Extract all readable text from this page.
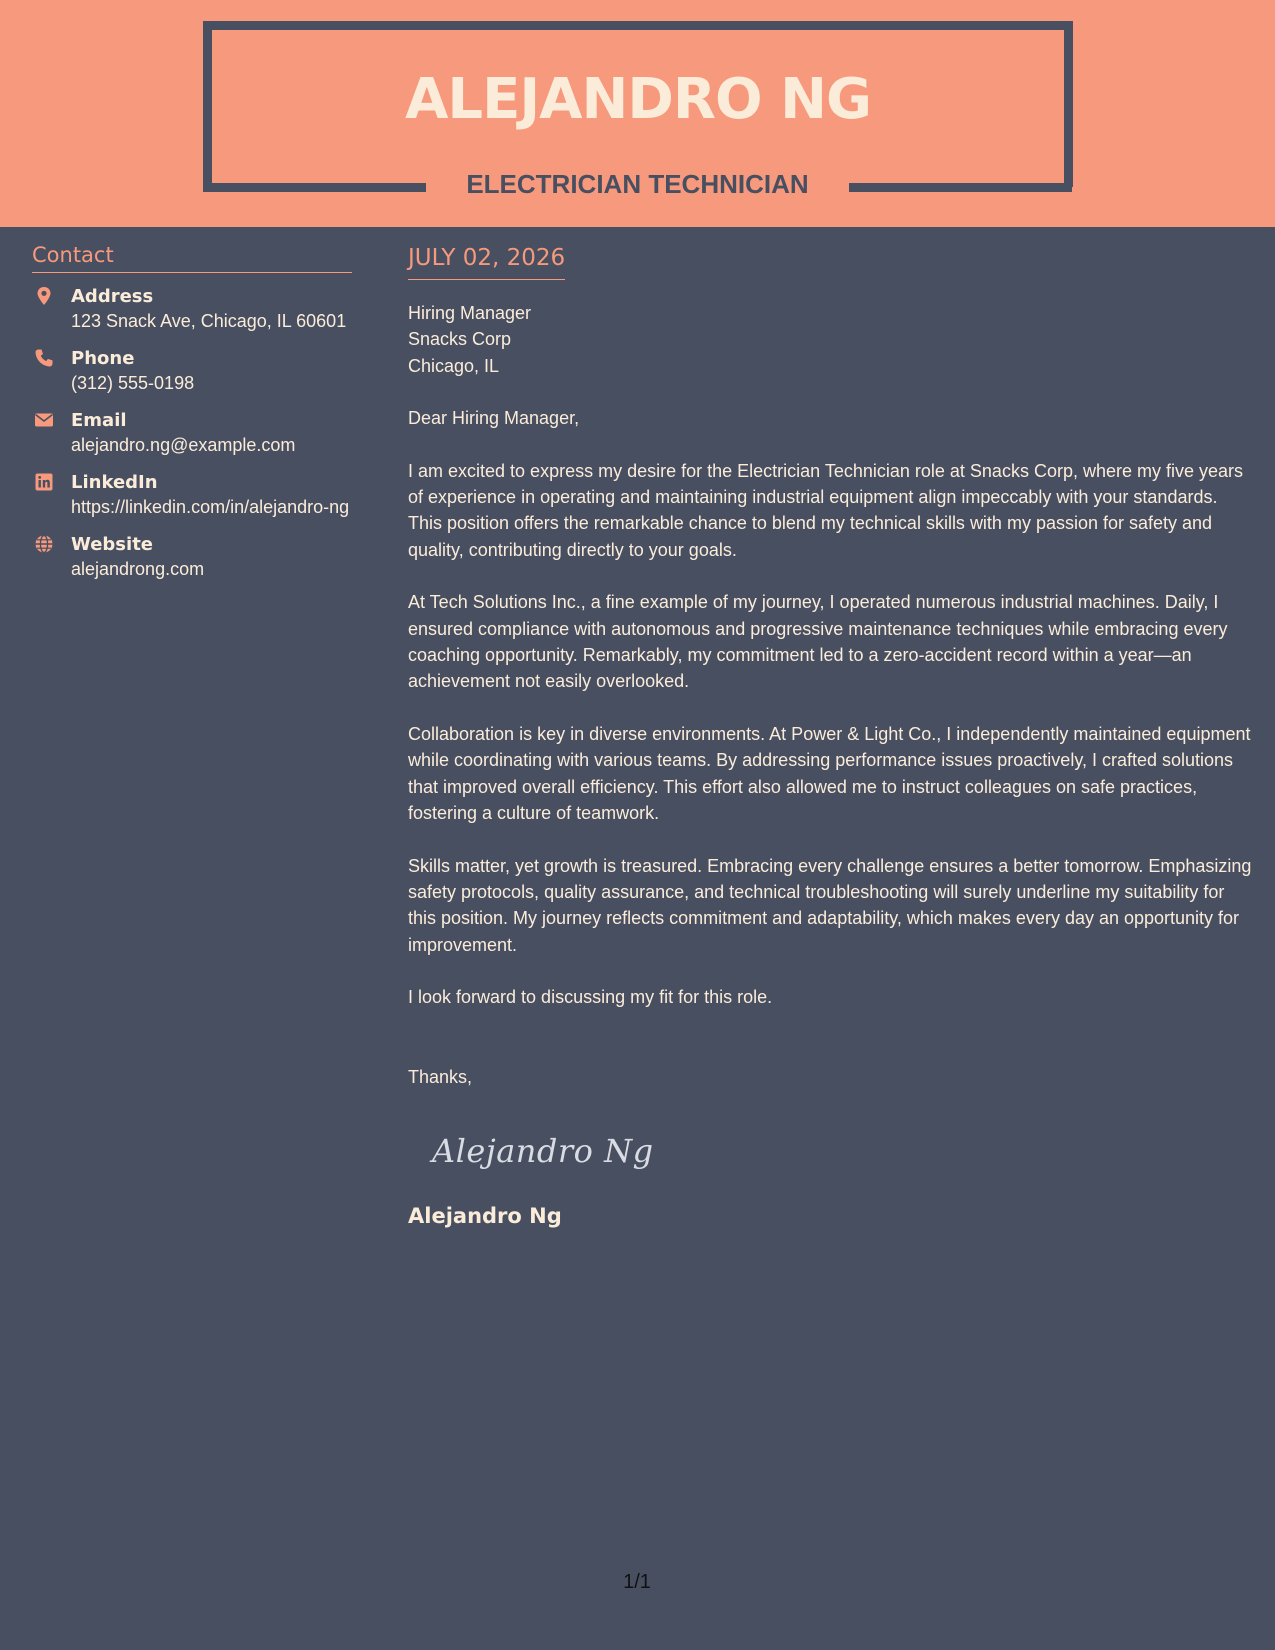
ALEJANDRO NG
ELECTRICIAN TECHNICIAN
Contact
Address
123 Snack Ave, Chicago, IL 60601
Phone
(312) 555-0198
Email
alejandro.ng@example.com
LinkedIn
https://linkedin.com/in/alejandro-ng
Website
alejandrong.com
JULY 02, 2026
Hiring Manager
Snacks Corp
Chicago, IL
Dear Hiring Manager,
I am excited to express my desire for the Electrician Technician role at Snacks Corp, where my five years of experience in operating and maintaining industrial equipment align impeccably with your standards. This position offers the remarkable chance to blend my technical skills with my passion for safety and quality, contributing directly to your goals.
At Tech Solutions Inc., a fine example of my journey, I operated numerous industrial machines. Daily, I ensured compliance with autonomous and progressive maintenance techniques while embracing every coaching opportunity. Remarkably, my commitment led to a zero-accident record within a year—an achievement not easily overlooked.
Collaboration is key in diverse environments. At Power & Light Co., I independently maintained equipment while coordinating with various teams. By addressing performance issues proactively, I crafted solutions that improved overall efficiency. This effort also allowed me to instruct colleagues on safe practices, fostering a culture of teamwork.
Skills matter, yet growth is treasured. Embracing every challenge ensures a better tomorrow. Emphasizing safety protocols, quality assurance, and technical troubleshooting will surely underline my suitability for this position. My journey reflects commitment and adaptability, which makes every day an opportunity for improvement.
I look forward to discussing my fit for this role.
Thanks,
Alejandro Ng
Alejandro Ng
1/1
